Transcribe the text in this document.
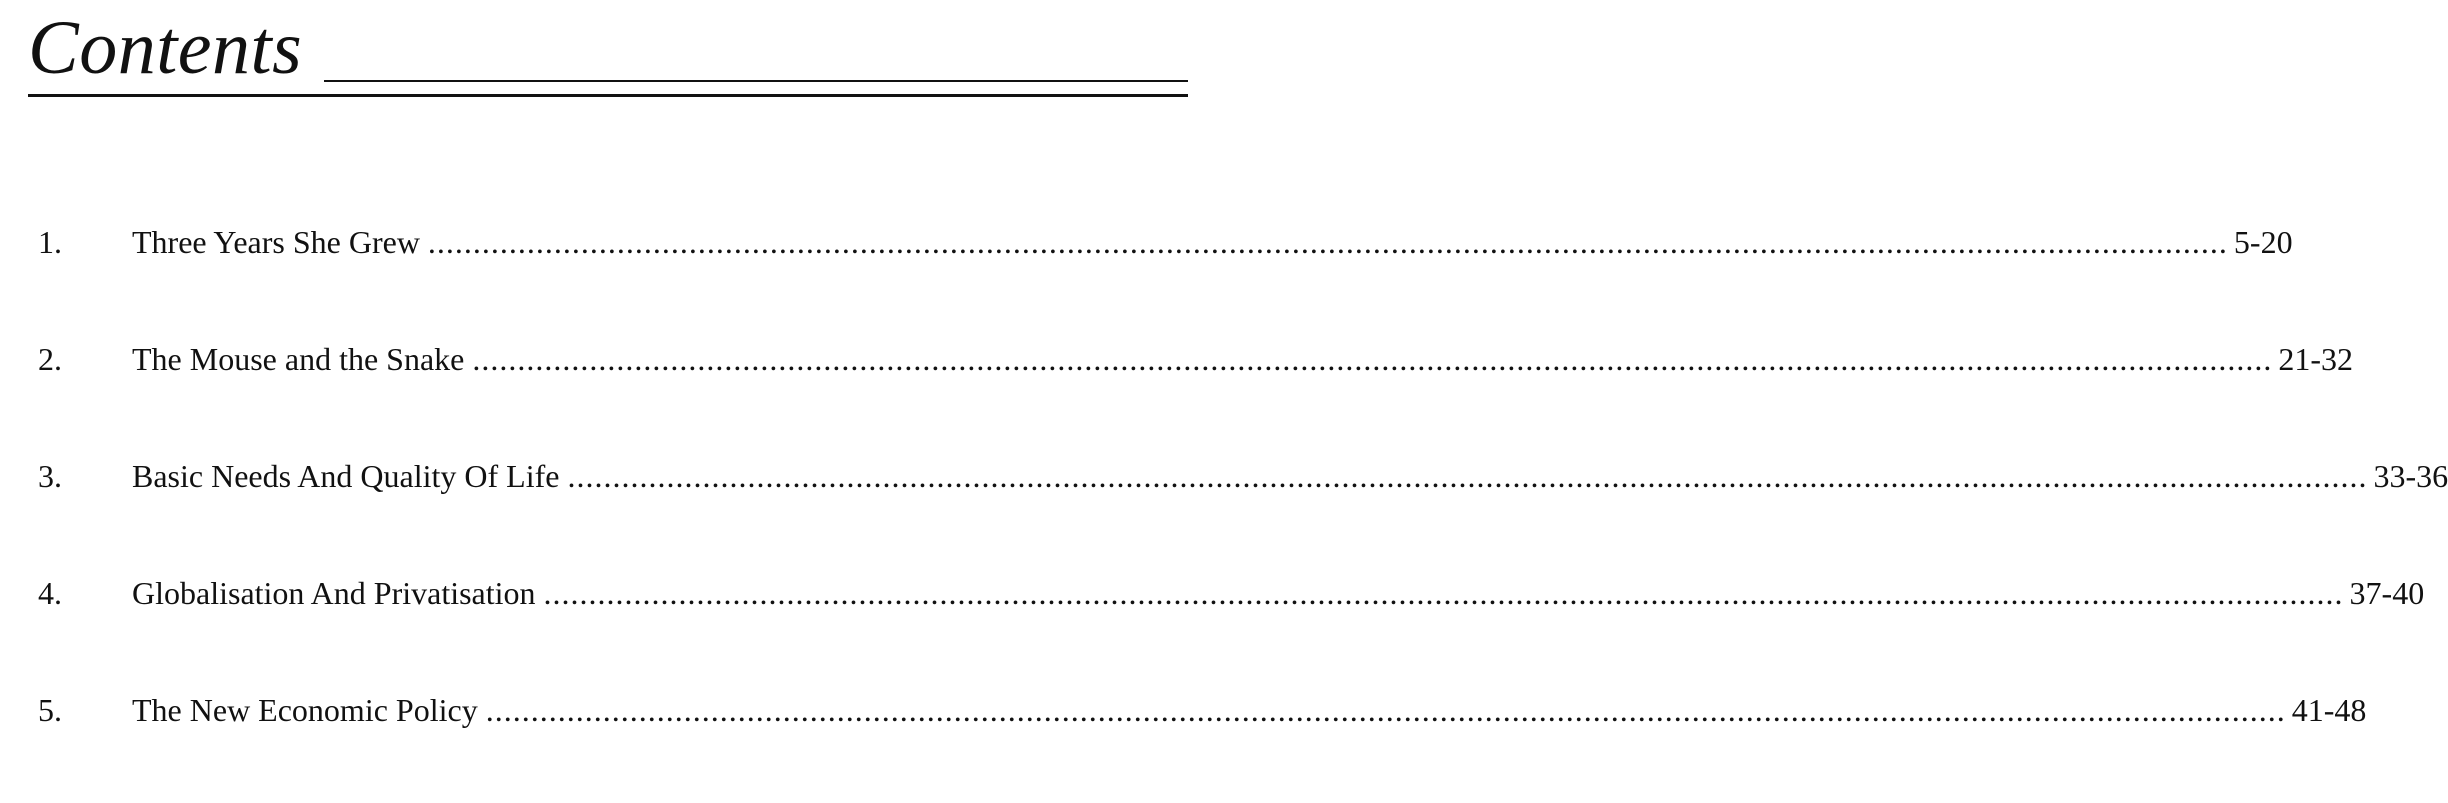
Contents
1.	Three Years She Grew ........................................................................................................................................................................................................ 5-20
2.	The Mouse and the Snake ........................................................................................................................................................................................................ 21-32
3.	Basic Needs And Quality Of Life ........................................................................................................................................................................................................ 33-36
4.	Globalisation And Privatisation ........................................................................................................................................................................................................ 37-40
5.	The New Economic Policy ........................................................................................................................................................................................................ 41-48
